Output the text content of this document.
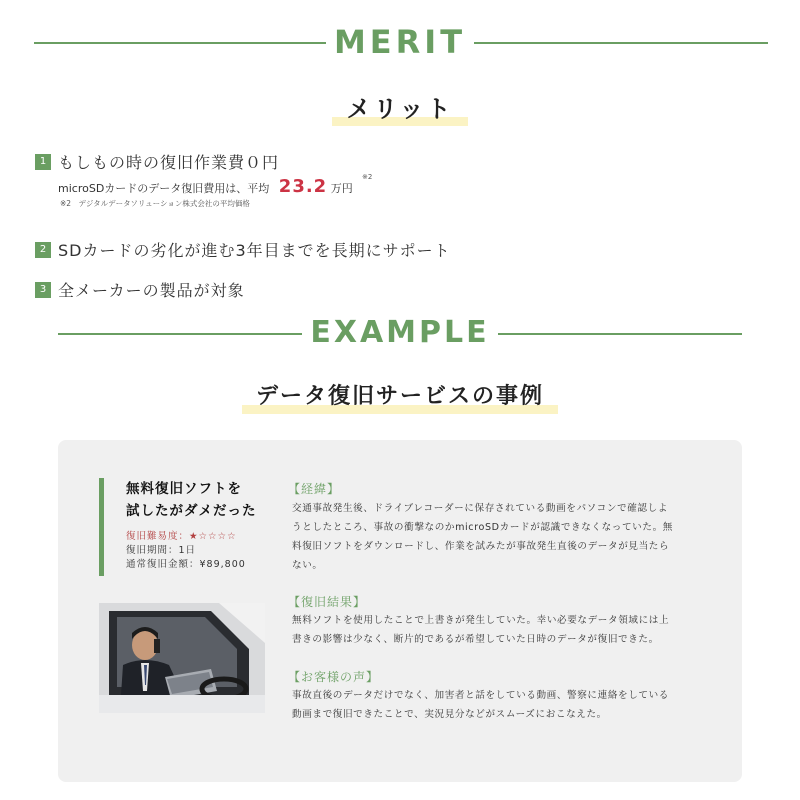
MERIT
メリット
1 もしもの時の復旧作業費０円
microSDカードのデータ復旧費用は、平均 23.2 万円
※2
※2　デジタルデータソリューション株式会社の平均価格
2 SDカードの劣化が進む3年目までを長期にサポート
3 全メーカーの製品が対象
EXAMPLE
データ復旧サービスの事例
無料復旧ソフトを
試したがダメだった
復旧難易度：★☆☆☆☆
復旧期間：1日
通常復旧金額：¥89,800
【経緯】
交通事故発生後、ドライブレコーダーに保存されている動画をパソコンで確認しよ
うとしたところ、事故の衝撃なのかmicroSDカードが認識できなくなっていた。無
料復旧ソフトをダウンロードし、作業を試みたが事故発生直後のデータが見当たら
ない。
【復旧結果】
無料ソフトを使用したことで上書きが発生していた。幸い必要なデータ領域には上
書きの影響は少なく、断片的であるが希望していた日時のデータが復旧できた。
【お客様の声】
事故直後のデータだけでなく、加害者と話をしている動画、警察に連絡をしている
動画まで復旧できたことで、実況見分などがスムーズにおこなえた。
